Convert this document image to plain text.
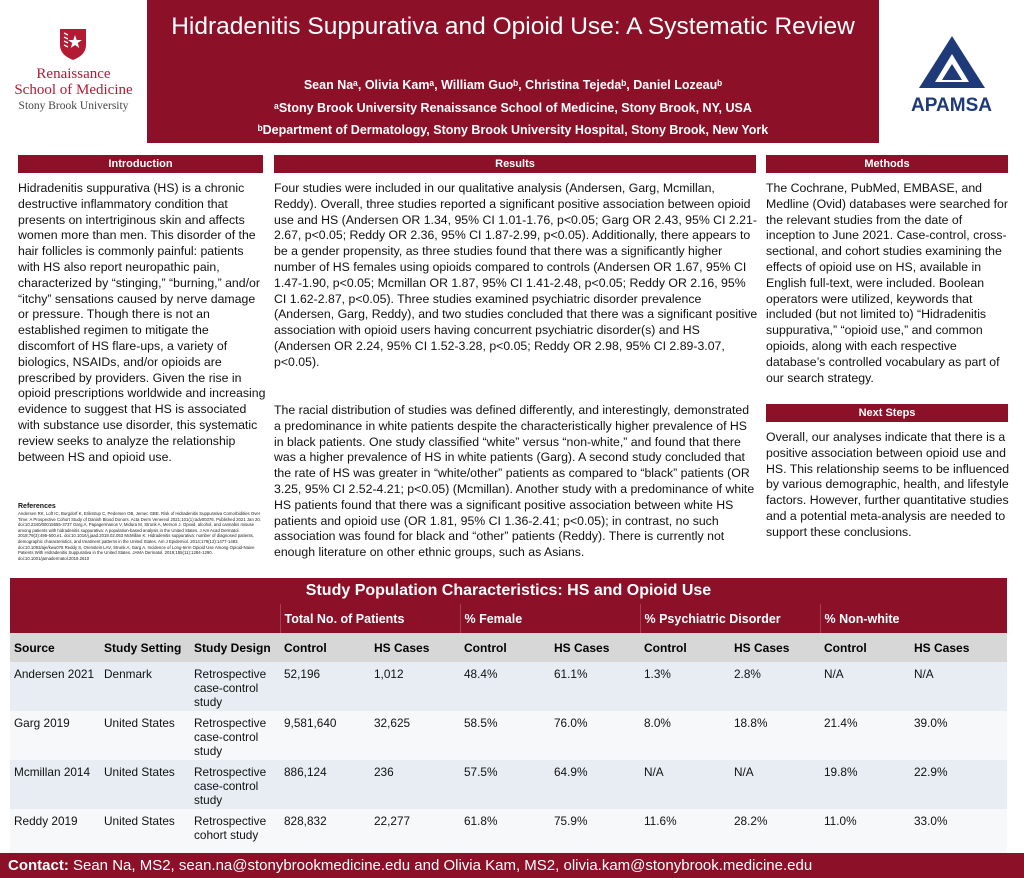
Renaissance
School of Medicine
Stony Brook University
Hidradenitis Suppurativa and Opioid Use: A Systematic Review
Sean Naᵃ, Olivia Kamᵃ, William Guoᵇ, Christina Tejedaᵇ, Daniel Lozeauᵇ
ᵃStony Brook University Renaissance School of Medicine, Stony Brook, NY, USA
ᵇDepartment of Dermatology, Stony Brook University Hospital, Stony Brook, New York
APAMSA
Introduction
Hidradenitis suppurativa (HS) is a chronic destructive inflammatory condition that presents on intertriginous skin and affects women more than men. This disorder of the hair follicles is commonly painful: patients with HS also report neuropathic pain, characterized by “stinging,” “burning,” and/or “itchy” sensations caused by nerve damage or pressure. Though there is not an established regimen to mitigate the discomfort of HS flare-ups, a variety of biologics, NSAIDs, and/or opioids are prescribed by providers. Given the rise in opioid prescriptions worldwide and increasing evidence to suggest that HS is associated with substance use disorder, this systematic review seeks to analyze the relationship between HS and opioid use.
References
Andersen RK, Loft IC, Burgdorf K, Erikstrup C, Pedersen OB, Jemec GBE. Risk of Hidradenitis Suppurativa Comorbidities Over Time: A Prospective Cohort Study of Danish Blood Donors. Acta Derm Venereol 2021;101(1):adv00376. Published 2021 Jan 20. doi:10.2340/00015555-3737 Garg A, Papagermanos V, Midura M, Strunk A, Merson J. Opioid, alcohol, and cannabis misuse among patients with hidradenitis suppurativa: A population-based analysis in the United States. J Am Acad Dermatol. 2018;79(3):495-500.e1. doi:10.1016/j.jaad.2018.02.053 McMillan K. Hidradenitis suppurativa: number of diagnosed patients, demographic characteristics, and treatment patterns in the United States. Am J Epidemiol. 2014;179(12):1477-1483. doi:10.1093/aje/kwu078 Reddy S, Orenstein LAV, Strunk A, Garg A. Incidence of Long-term Opioid Use Among Opioid-Naive Patients With Hidradenitis Suppurativa in the United States. JAMA Dermatol. 2019;155(11):1284-1290. doi:10.1001/jamadermatol.2019.2610
Results
Four studies were included in our qualitative analysis (Andersen, Garg, Mcmillan, Reddy). Overall, three studies reported a significant positive association between opioid use and HS (Andersen OR 1.34, 95% CI 1.01-1.76, p<0.05; Garg OR 2.43, 95% CI 2.21-2.67, p<0.05; Reddy OR 2.36, 95% CI 1.87-2.99, p<0.05). Additionally, there appears to be a gender propensity, as three studies found that there was a significantly higher number of HS females using opioids compared to controls (Andersen OR 1.67, 95% CI 1.47-1.90, p<0.05; Mcmillan OR 1.87, 95% CI 1.41-2.48, p<0.05; Reddy OR 2.16, 95% CI 1.62-2.87, p<0.05). Three studies examined psychiatric disorder prevalence (Andersen, Garg, Reddy), and two studies concluded that there was a significant positive association with opioid users having concurrent psychiatric disorder(s) and HS (Andersen OR 2.24, 95% CI 1.52-3.28, p<0.05; Reddy OR 2.98, 95% CI 2.89-3.07, p<0.05).
The racial distribution of studies was defined differently, and interestingly, demonstrated a predominance in white patients despite the characteristically higher prevalence of HS in black patients. One study classified “white” versus “non-white,” and found that there was a higher prevalence of HS in white patients (Garg). A second study concluded that the rate of HS was greater in “white/other” patients as compared to “black” patients (OR 3.25, 95% CI 2.52-4.21; p<0.05) (Mcmillan). Another study with a predominance of white HS patients found that there was a significant positive association between white HS patients and opioid use (OR 1.81, 95% CI 1.36-2.41; p<0.05); in contrast, no such association was found for black and “other” patients (Reddy). There is currently not enough literature on other ethnic groups, such as Asians.
Methods
The Cochrane, PubMed, EMBASE, and Medline (Ovid) databases were searched for the relevant studies from the date of inception to June 2021. Case-control, cross-sectional, and cohort studies examining the effects of opioid use on HS, available in English full-text, were included. Boolean operators were utilized, keywords that included (but not limited to) “Hidradenitis suppurativa,” “opioid use,” and common opioids, along with each respective database’s controlled vocabulary as part of our search strategy.
Next Steps
Overall, our analyses indicate that there is a positive association between opioid use and HS. This relationship seems to be influenced by various demographic, health, and lifestyle factors. However, further quantitative studies and a potential meta-analysis are needed to support these conclusions.
Study Population Characteristics: HS and Opioid Use
			Total No. of Patients		% Female		% Psychiatric Disorder		% Non-white	
Source	Study Setting	Study Design	Control	HS Cases	Control	HS Cases	Control	HS Cases	Control	HS Cases
Andersen 2021	Denmark	Retrospective case-control study	52,196	1,012	48.4%	61.1%	1.3%	2.8%	N/A	N/A
Garg 2019	United States	Retrospective case-control study	9,581,640	32,625	58.5%	76.0%	8.0%	18.8%	21.4%	39.0%
Mcmillan 2014	United States	Retrospective case-control study	886,124	236	57.5%	64.9%	N/A	N/A	19.8%	22.9%
Reddy 2019	United States	Retrospective cohort study	828,832	22,277	61.8%	75.9%	11.6%	28.2%	11.0%	33.0%
Contact: Sean Na, MS2, sean.na@stonybrookmedicine.edu and Olivia Kam, MS2, olivia.kam@stonybrook.medicine.edu
